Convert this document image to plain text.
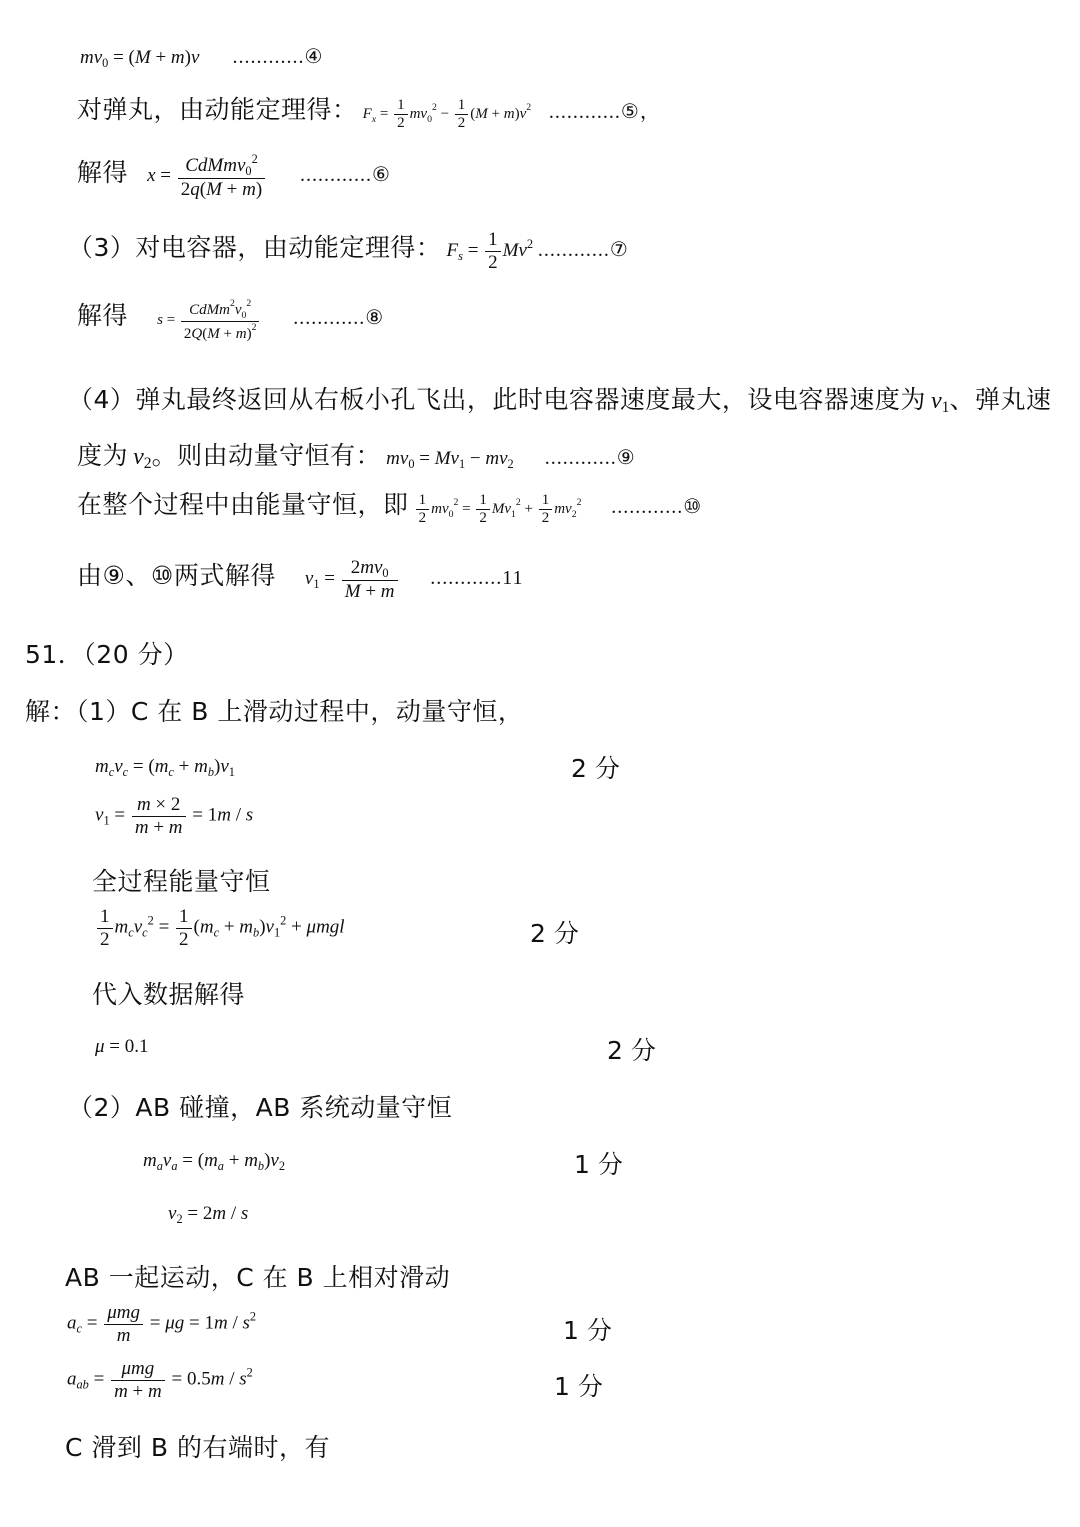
$mv_0 = (M + m)v$ ............④
对弹丸，由动能定理得： $F_x = \frac{1}{2} mv_0^2 - \frac{1}{2} (M + m)v^2$ ............⑤，
解得 $x = \frac{CdMmv_0^2}{2q(M + m)}$ ............⑥
（3）对电容器，由动能定理得： $F_s = \frac{1}{2} Mv^2$ ............⑦
解得 $s = \frac{CdMm^2v_0^2}{2Q(M + m)^2}$ ............⑧
（4）弹丸最终返回从右板小孔飞出，此时电容器速度最大，设电容器速度为 $v_1$、弹丸速
度为 $v_2$。则由动量守恒有： $mv_0 = Mv_1 - mv_2$ ............⑨
在整个过程中由能量守恒，即 $\frac{1}{2} mv_0^2 = \frac{1}{2} Mv_1^2 + \frac{1}{2} mv_2^2$ ............⑩
由⑨、⑩两式解得 $v_1 = \frac{2mv_0}{M + m} ............11$
51．（20 分）
解：（1）C 在 B 上滑动过程中，动量守恒，
$m_cv_c = (m_c + m_b)v_1$	2 分
$v_1 = \frac{m \times 2}{m + m} = 1m / s$
全过程能量守恒
$\frac{1}{2} m_cv_c^2 = \frac{1}{2} (m_c + m_b)v_1^2 + \mu mgl$	2 分
代入数据解得
μ = 0.1	2 分
（2）AB 碰撞，AB 系统动量守恒
$m_av_a = (m_a + m_b)v_2$	1 分
$v_2 = 2m / s$
AB 一起运动，C 在 B 上相对滑动
$a_c = \frac{\text{μmg}}{m} = \mu g = 1m / s^2$	1 分
$a_{ab} = \frac{\text{μmg}}{m + m} = 0.5m / s^2$	1 分
C 滑到 B 的右端时，有
